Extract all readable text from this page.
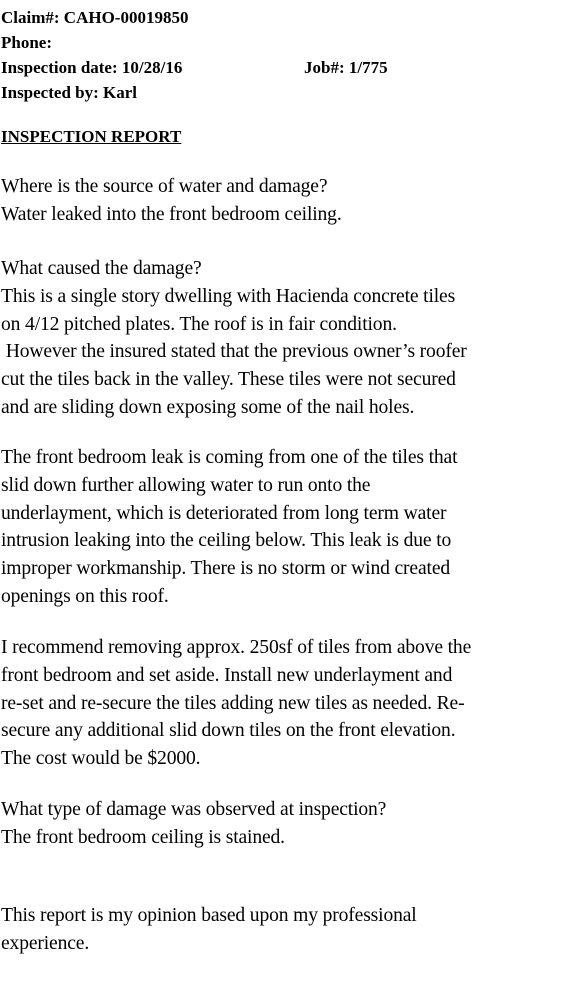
Claim#: CAHO-00019850
Phone:
Inspection date: 10/28/16	Job#: 1/775
Inspected by: Karl
INSPECTION REPORT
Where is the source of water and damage?
Water leaked into the front bedroom ceiling.
What caused the damage?
This is a single story dwelling with Hacienda concrete tiles
on 4/12 pitched plates. The roof is in fair condition.
However the insured stated that the previous owner’s roofer
cut the tiles back in the valley. These tiles were not secured
and are sliding down exposing some of the nail holes.
The front bedroom leak is coming from one of the tiles that
slid down further allowing water to run onto the
underlayment, which is deteriorated from long term water
intrusion leaking into the ceiling below. This leak is due to
improper workmanship. There is no storm or wind created
openings on this roof.
I recommend removing approx. 250sf of tiles from above the
front bedroom and set aside. Install new underlayment and
re-set and re-secure the tiles adding new tiles as needed. Re-
secure any additional slid down tiles on the front elevation.
The cost would be $2000.
What type of damage was observed at inspection?
The front bedroom ceiling is stained.
This report is my opinion based upon my professional
experience.
